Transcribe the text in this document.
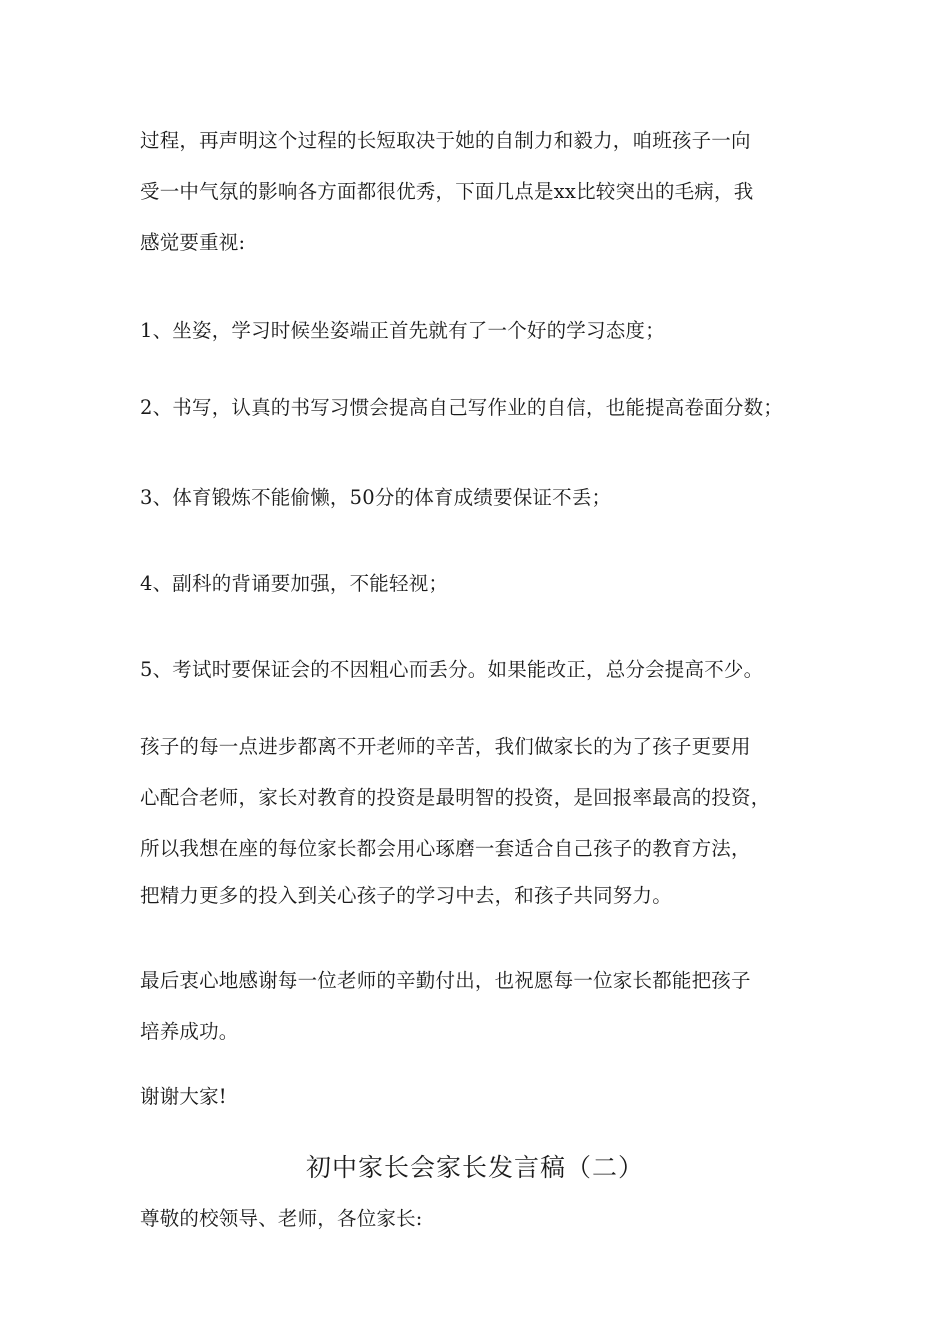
过程，再声明这个过程的长短取决于她的自制力和毅力，咱班孩子一向
受一中气氛的影响各方面都很优秀，下面几点是xx比较突出的毛病，我
感觉要重视:
1、坐姿，学习时候坐姿端正首先就有了一个好的学习态度；
2、书写，认真的书写习惯会提高自己写作业的自信，也能提高卷面分数；
3、体育锻炼不能偷懒，50分的体育成绩要保证不丢；
4、副科的背诵要加强，不能轻视；
5、考试时要保证会的不因粗心而丢分。如果能改正，总分会提高不少。
孩子的每一点进步都离不开老师的辛苦，我们做家长的为了孩子更要用
心配合老师，家长对教育的投资是最明智的投资，是回报率最高的投资，
所以我想在座的每位家长都会用心琢磨一套适合自己孩子的教育方法，
把精力更多的投入到关心孩子的学习中去，和孩子共同努力。
最后衷心地感谢每一位老师的辛勤付出，也祝愿每一位家长都能把孩子
培养成功。
谢谢大家!
初中家长会家长发言稿（二）
尊敬的校领导、老师，各位家长:
